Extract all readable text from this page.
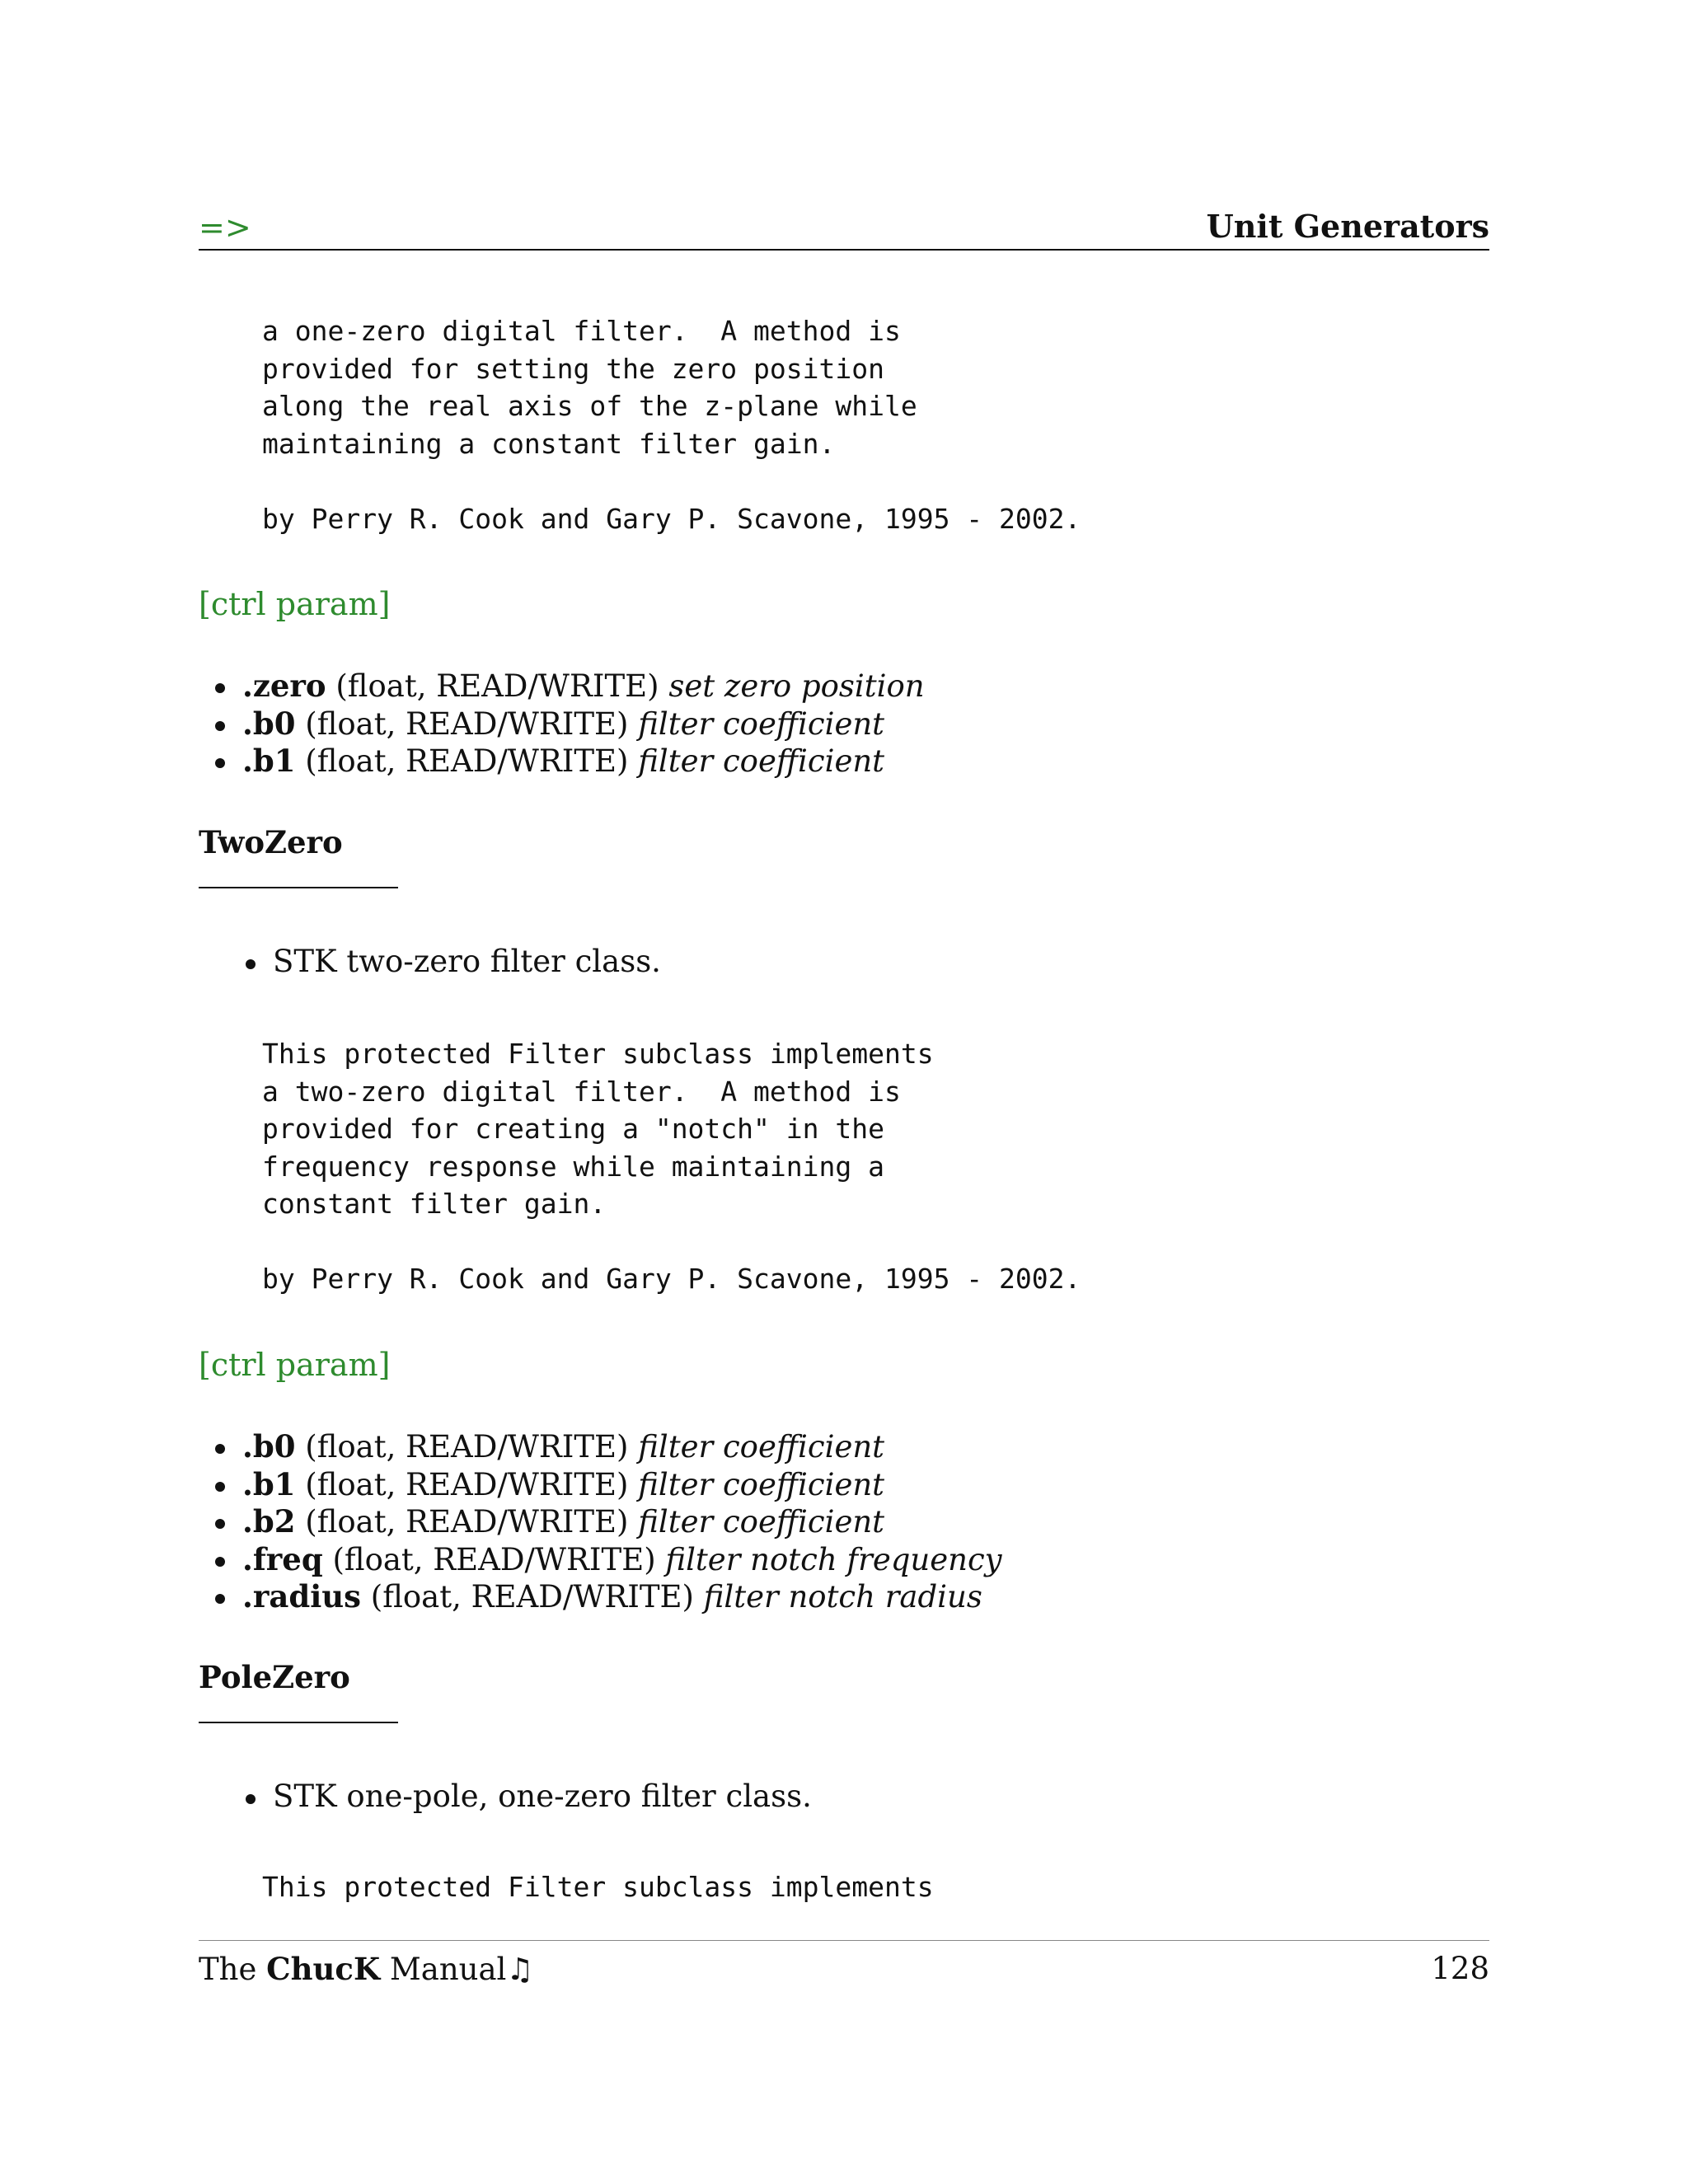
=>	Unit Generators
a one-zero digital filter.  A method is
provided for setting the zero position
along the real axis of the z-plane while
maintaining a constant filter gain.

by Perry R. Cook and Gary P. Scavone, 1995 - 2002.
[ctrl param]
.zero (float, READ/WRITE) set zero position
.b0 (float, READ/WRITE) filter coefficient
.b1 (float, READ/WRITE) filter coefficient
TwoZero
STK two-zero filter class.
This protected Filter subclass implements
a two-zero digital filter.  A method is
provided for creating a "notch" in the
frequency response while maintaining a
constant filter gain.

by Perry R. Cook and Gary P. Scavone, 1995 - 2002.
[ctrl param]
.b0 (float, READ/WRITE) filter coefficient
.b1 (float, READ/WRITE) filter coefficient
.b2 (float, READ/WRITE) filter coefficient
.freq (float, READ/WRITE) filter notch frequency
.radius (float, READ/WRITE) filter notch radius
PoleZero
STK one-pole, one-zero filter class.
This protected Filter subclass implements
The ChucK Manual♫	128
